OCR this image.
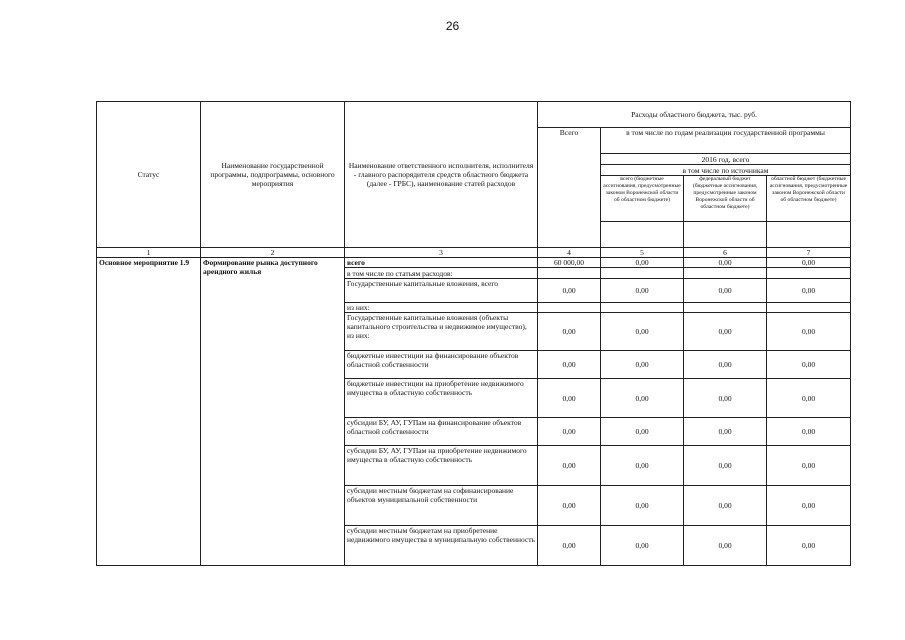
26
Статус	Наименование государственной программы, подпрограммы, основного мероприятия	Наименование ответственного исполнителя, исполнителя - главного распорядителя средств областного бюджета (далее - ГРБС), наименование статей расходов	Расходы областного бюджета, тыс. руб.			
			Всего	в том числе по годам реализации государственной программы		
				2016 год, всего		
				в том числе по источникам		
				всего (бюджетные ассигнования, предусмотренные законом Воронежской области об областном бюджете)	федеральный бюджет (бюджетные ассигнования, предусмотренные законом Воронежской области об областном бюджете)	областной бюджет (бюджетные ассигнования, предусмотренные законом Воронежской области об областном бюджете)

1	2	3	4	5	6	7
Основное мероприятие 1.9	Формирование рынка доступного арендного жилья	всего	60 000,00	0,00	0,00	0,00
		в том числе по статьям расходов:				
		Государственные капитальные вложения, всего	0,00	0,00	0,00	0,00
		из них:				
		Государственные капитальные вложения (объекты капитального строительства и недвижимое имущество), из них:	0,00	0,00	0,00	0,00
		бюджетные инвестиции на финансирование объектов областной собственности	0,00	0,00	0,00	0,00
		бюджетные инвестиции на приобретение недвижимого имущества в областную собственность	0,00	0,00	0,00	0,00
		субсидии БУ, АУ, ГУПам на финансирование объектов областной собственности	0,00	0,00	0,00	0,00
		субсидии БУ, АУ, ГУПам на приобретение недвижимого имущества в областную собственность	0,00	0,00	0,00	0,00
		субсидии местным бюджетам на софинансирование объектов муниципальной собственности	0,00	0,00	0,00	0,00
		субсидии местным бюджетам на приобретение недвижимого имущества в муниципальную собственность	0,00	0,00	0,00	0,00
